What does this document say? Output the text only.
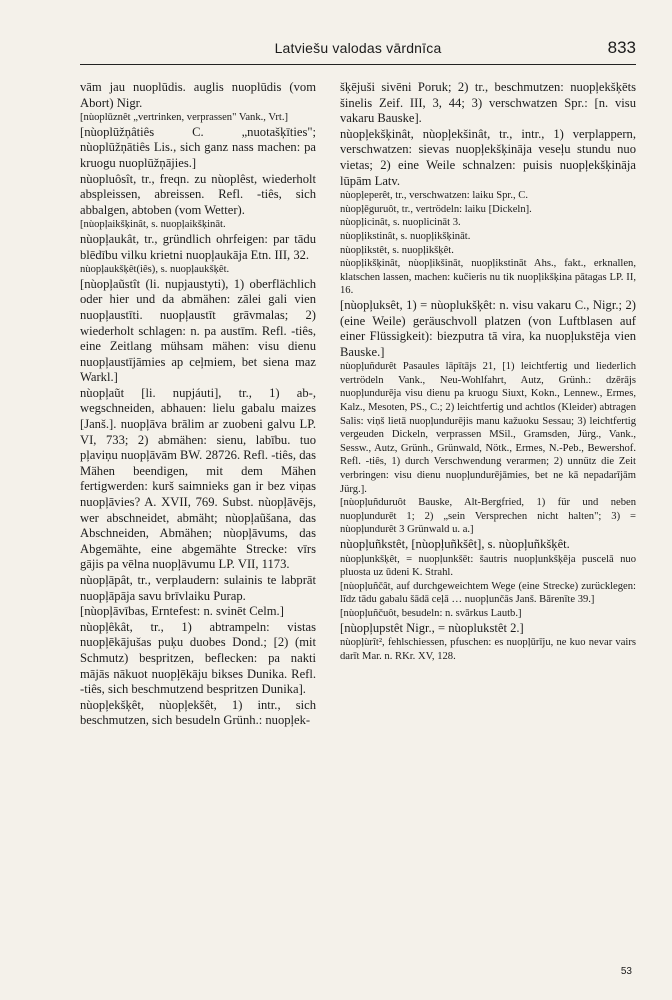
Latviešu valodas vārdnīca	833

vām jau nuoplūdis. auglis nuoplūdis (vom Abort) Nigr.

[nùoplūznêt „vertrinken, verprassen" Vank., Vrt.]

[nùoplūžņâtiês C. „nuotašķīties"; nùoplūžņātiês Lis., sich ganz nass machen: pa kruogu nuoplūžņājies.]

nùopluôsît, tr., freqn. zu nùoplêst, wiederholt abspleissen, abreissen. Refl. -tiês, sich abbalgen, abtoben (vom Wetter).

[nùopļaikšķinât, s. nuopļaikšķināt.

nùopļaukât, tr., gründlich ohrfeigen: par tādu blēdību vilku krietni nuopļaukāja Etn. III, 32.

nùopļaukšķêt(iês), s. nuopļaukšķêt.

[nùopļaũstît (li. nupjaustyti), 1) oberflächlich oder hier und da abmähen: zālei gali vien nuopļaustīti. nuopļaustīt grāvmalas; 2) wiederholt schlagen: n. pa austīm. Refl. -tiês, eine Zeitlang mühsam mähen: visu dienu nuopļaustījāmies ap ceļmiem, bet siena maz Warkl.]

nùopļaũt [li. nupjáuti], tr., 1) ab-, wegschneiden, abhauen: lielu gabalu maizes [Janš.]. nuopļāva brālim ar zuobeni galvu LP. VI, 733; 2) abmähen: sienu, labību. tuo pļaviņu nuopļāvām BW. 28726. Refl. -tiês, das Mähen beendigen, mit dem Mähen fertigwerden: kurš saimnieks gan ir bez viņas nuopļāvies? A. XVII, 769. Subst. nùopļāvējs, wer abschneidet, abmäht; nùopļaũšana, das Abschneiden, Abmähen; nùopļāvums, das Abgemähte, eine abgemähte Strecke: vīrs gājis pa vēlna nuopļāvumu LP. VII, 1173.

nùopļāpât, tr., verplaudern: sulainis te labprāt nuopļāpāja savu brīvlaiku Purap.

[nùopļāvības, Erntefest: n. svinēt Celm.]

nùopļêkât, tr., 1) abtrampeln: vistas nuopļēkājušas puķu duobes Dond.; [2) (mit Schmutz) bespritzen, beflecken: pa nakti mājās nākuot nuopļēkāju bikses Dunika. Refl. -tiês, sich beschmutzend bespritzen Dunika].

nùopļekšķêt, nùopļekšêt, 1) intr., sich beschmutzen, sich besudeln Grünh.: nuopļek-

šķējuši sivēni Poruk; 2) tr., beschmutzen: nuopļekšķēts šinelis Zeif. III, 3, 44; 3) verschwatzen Spr.: [n. visu vakaru Bauske].

nùopļekšķinât, nùopļekšinât, tr., intr., 1) verplappern, verschwatzen: sievas nuopļekšķināja veseļu stundu nuo vietas; 2) eine Weile schnalzen: puisis nuopļekšķināja lūpām Latv.

nùopļeperêt, tr., verschwatzen: laiku Spr., C.

nùopļēguruôt, tr., vertrödeln: laiku [Dickeln].

nùopļicinât, s. nuoplicināt 3.

nùopļikstinât, s. nuopļikšķināt.

nùopļikstêt, s. nuopļikšķêt.

nùopļikšķinât, nùopļikšināt, nuopļikstināt Ahs., fakt., erknallen, klatschen lassen, machen: kučieris nu tik nuopļikšķina pātagas LP. II, 16.

[nùopļuksêt, 1) = nùoplukšķêt: n. visu vakaru C., Nigr.; 2) (eine Weile) geräuschvoll platzen (von Luftblasen auf einer Flüssigkeit): biezputra tā vira, ka nuopļukstēja vien Bauske.]

nùopļuñdurêt Pasaules lāpītājs 21, [1) leichtfertig und liederlich vertrödeln Vank., Neu-Wohlfahrt, Autz, Grünh.: dzērājs nuopļundurēja visu dienu pa kruogu Siuxt, Kokn., Lennew., Ermes, Kalz., Mesoten, PS., C.; 2) leichtfertig und achtlos (Kleider) abtragen Salis: viņš lietā nuopļundurējis manu kažuoku Sessau; 3) leichtfertig vergeuden Dickeln, verprassen MSil., Gramsden, Jürg., Vank., Sessw., Autz, Grünh., Grünwald, Nötk., Ermes, N.-Peb., Bewershof. Refl. -tiês, 1) durch Verschwendung verarmen; 2) unnütz die Zeit verbringen: visu dienu nuopļundurējāmies, bet ne kā nepadarījām Jürg.].

[nùopļuñduruôt Bauske, Alt-Bergfried, 1) für und neben nuopļundurēt 1; 2) „sein Versprechen nicht halten"; 3) = nùopļundurêt 3 Grünwald u. a.]

nùopļuñkstêt, [nùopļuñkšêt], s. nùopļuñkšķêt.

nùopļunkšķêt, = nuopļunkšēt: šautris nuopļunkšķēja puscelā nuo pluosta uz ūdeni K. Strahl.

[nùopļuñčât, auf durchgeweichtem Wege (eine Strecke) zurücklegen: līdz tādu gabalu šādā ceļā … nuopļunčās Janš. Bārenīte 39.]

[nùopļuñčuôt, besudeln: n. svārkus Lautb.]

[nùopļupstêt Nigr., = nùoplukstêt 2.]

nùopļùrît², fehlschiessen, pfuschen: es nuopļūrīju, ne kuo nevar vairs darīt Mar. n. RKr. XV, 128.

53
